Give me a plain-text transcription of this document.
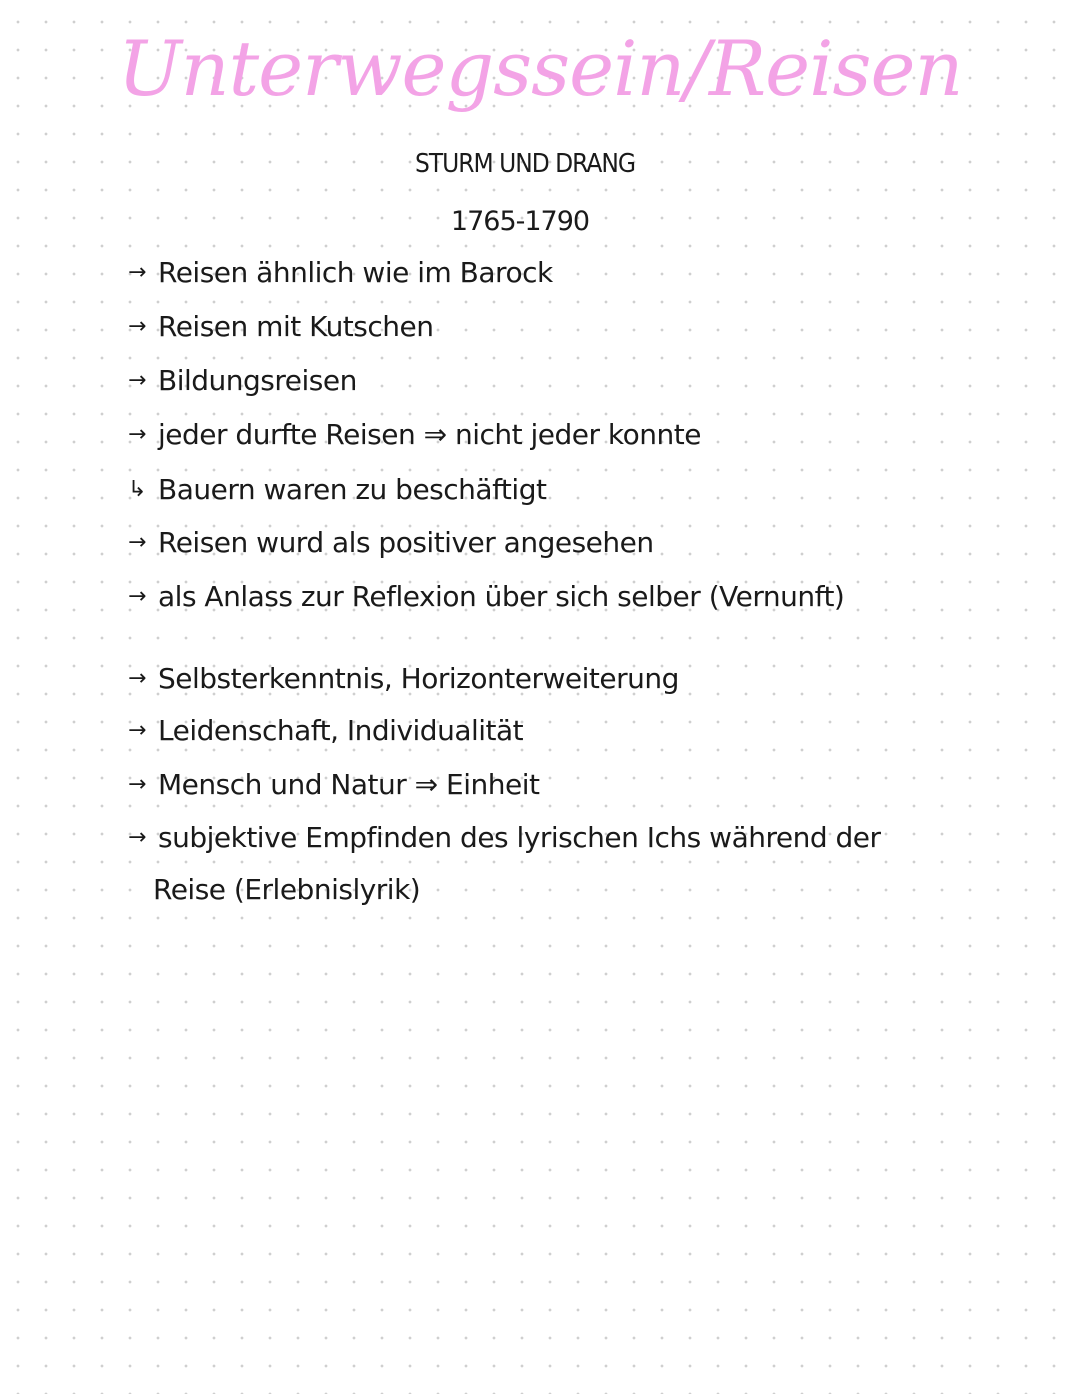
Unterwegssein/Reisen
STURM UND DRANG
1765-1790
→ Reisen ähnlich wie im Barock
→ Reisen mit Kutschen
→ Bildungsreisen
→ jeder durfte Reisen ⇒ nicht jeder konnte
↳ Bauern waren zu beschäftigt
→ Reisen wurd als positiver angesehen
→ als Anlass zur Reflexion über sich selber (Vernunft)
→ Selbsterkenntnis, Horizonterweiterung
→ Leidenschaft, Individualität
→ Mensch und Natur ⇒ Einheit
→ subjektive Empfinden des lyrischen Ichs während der
Reise (Erlebnislyrik)
